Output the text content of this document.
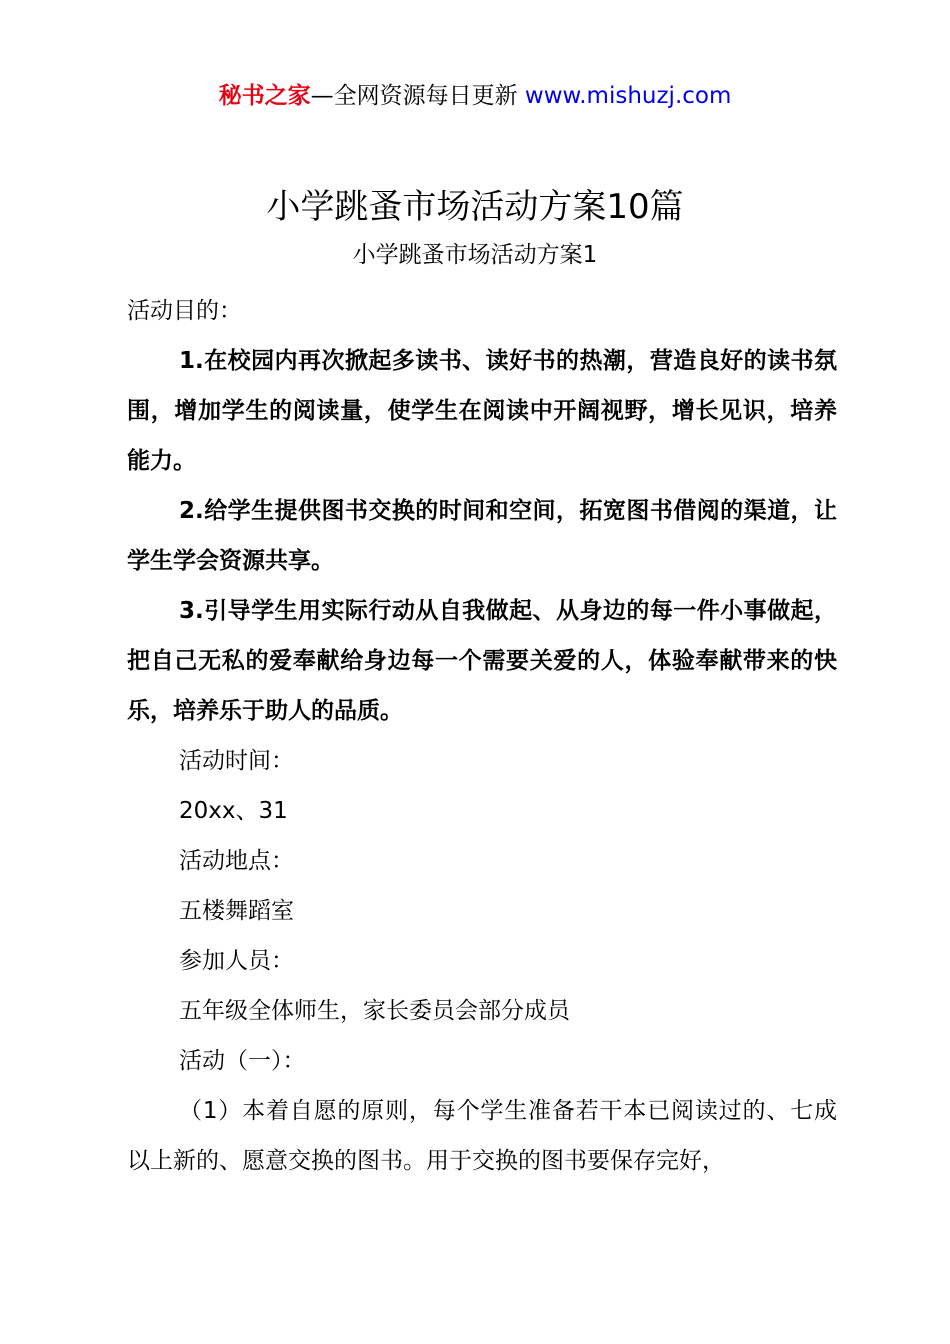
秘书之家—全网资源每日更新 www.mishuzj.com
小学跳蚤市场活动方案10篇
小学跳蚤市场活动方案1

活动目的：

1.在校园内再次掀起多读书、读好书的热潮，营造良好的读书氛围，增加学生的阅读量，使学生在阅读中开阔视野，增长见识，培养能力。

2.给学生提供图书交换的时间和空间，拓宽图书借阅的渠道，让学生学会资源共享。

3.引导学生用实际行动从自我做起、从身边的每一件小事做起，把自己无私的爱奉献给身边每一个需要关爱的人，体验奉献带来的快乐，培养乐于助人的品质。

活动时间：

20xx、31

活动地点：

五楼舞蹈室

参加人员：

五年级全体师生，家长委员会部分成员

活动（一）：

（1）本着自愿的原则，每个学生准备若干本已阅读过的、七成以上新的、愿意交换的图书。用于交换的图书要保存完好，
